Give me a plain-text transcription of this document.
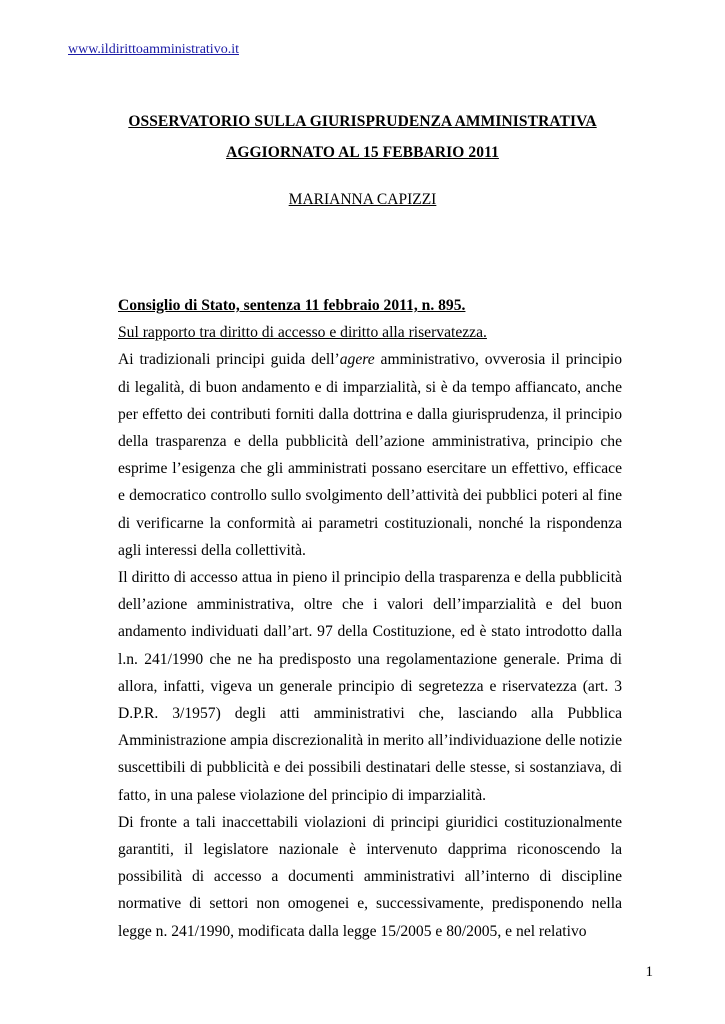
www.ildirittoamministrativo.it
OSSERVATORIO SULLA GIURISPRUDENZA AMMINISTRATIVA
AGGIORNATO AL 15 FEBBARIO 2011
MARIANNA CAPIZZI

Consiglio di Stato, sentenza 11 febbraio 2011, n. 895.

Sul rapporto tra diritto di accesso e diritto alla riservatezza.

Ai tradizionali principi guida dell’agere amministrativo, ovverosia il principio di legalità, di buon andamento e di imparzialità, si è da tempo affiancato, anche per effetto dei contributi forniti dalla dottrina e dalla giurisprudenza, il principio della trasparenza e della pubblicità dell’azione amministrativa, principio che esprime l’esigenza che gli amministrati possano esercitare un effettivo, efficace e democratico controllo sullo svolgimento dell’attività dei pubblici poteri al fine di verificarne la conformità ai parametri costituzionali, nonché la rispondenza agli interessi della collettività.

Il diritto di accesso attua in pieno il principio della trasparenza e della pubblicità dell’azione amministrativa, oltre che i valori dell’imparzialità e del buon andamento individuati dall’art. 97 della Costituzione, ed è stato introdotto dalla l.n. 241/1990 che ne ha predisposto una regolamentazione generale. Prima di allora, infatti, vigeva un generale principio di segretezza e riservatezza (art. 3 D.P.R. 3/1957) degli atti amministrativi che, lasciando alla Pubblica Amministrazione ampia discrezionalità in merito all’individuazione delle notizie suscettibili di pubblicità e dei possibili destinatari delle stesse, si sostanziava, di fatto, in una palese violazione del principio di imparzialità.

Di fronte a tali inaccettabili violazioni di principi giuridici costituzionalmente garantiti, il legislatore nazionale è intervenuto dapprima riconoscendo la possibilità di accesso a documenti amministrativi all’interno di discipline normative di settori non omogenei e, successivamente, predisponendo nella legge n. 241/1990, modificata dalla legge 15/2005 e 80/2005, e nel relativo

1
